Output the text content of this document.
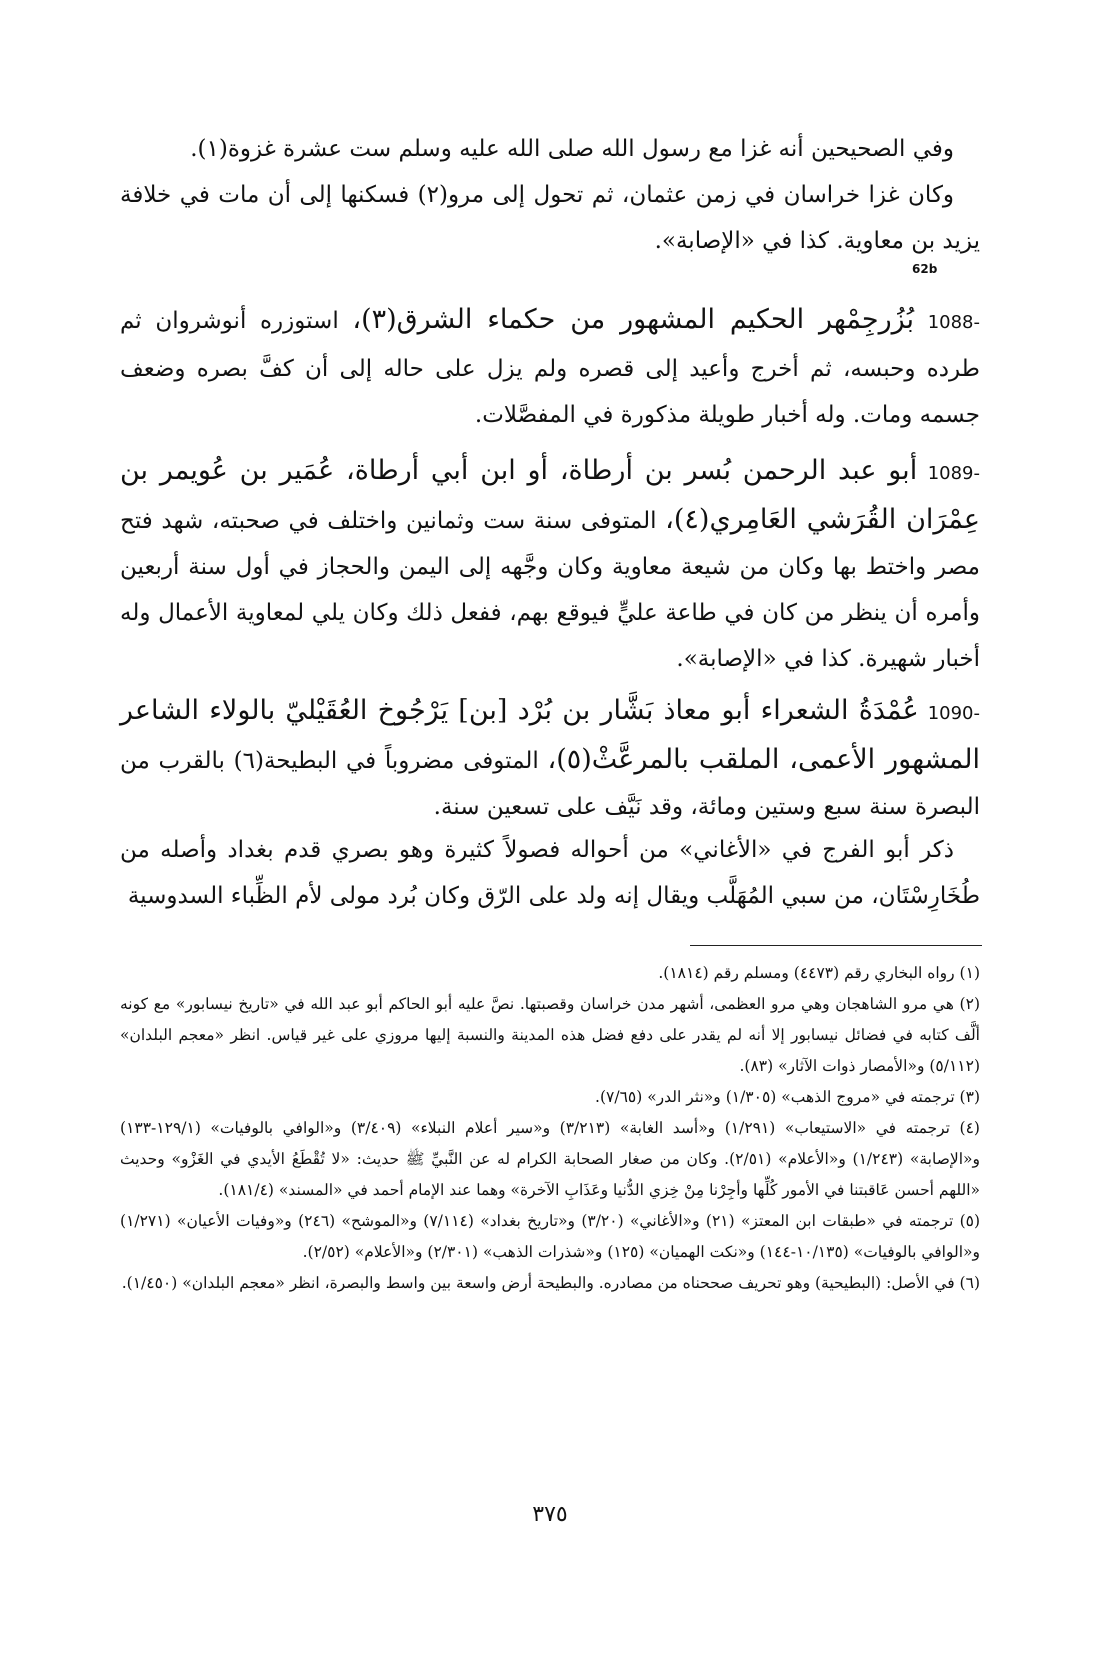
وفي الصحيحين أنه غزا مع رسول الله صلى الله عليه وسلم ست عشرة غزوة(١).
وكان غزا خراسان في زمن عثمان، ثم تحول إلى مرو(٢) فسكنها إلى أن مات في خلافة يزيد بن معاوية. كذا في «الإصابة».
62b
1088- بُزُرجِمْهر الحكيم المشهور من حكماء الشرق(٣)، استوزره أنوشروان ثم طرده وحبسه، ثم أخرج وأعيد إلى قصره ولم يزل على حاله إلى أن كفَّ بصره وضعف جسمه ومات. وله أخبار طويلة مذكورة في المفصَّلات.
1089- أبو عبد الرحمن بُسر بن أرطاة، أو ابن أبي أرطاة، عُمَير بن عُويمر بن عِمْرَان القُرَشي العَامِري(٤)، المتوفى سنة ست وثمانين واختلف في صحبته، شهد فتح مصر واختط بها وكان من شيعة معاوية وكان وجَّهه إلى اليمن والحجاز في أول سنة أربعين وأمره أن ينظر من كان في طاعة عليٍّ فيوقع بهم، ففعل ذلك وكان يلي لمعاوية الأعمال وله أخبار شهيرة. كذا في «الإصابة».
1090- عُمْدَةُ الشعراء أبو معاذ بَشَّار بن بُرْد [بن] يَرْجُوخ العُقَيْليّ بالولاء الشاعر المشهور الأعمى، الملقب بالمرعَّثْ(٥)، المتوفى مضروباً في البطيحة(٦) بالقرب من البصرة سنة سبع وستين ومائة، وقد نَيَّف على تسعين سنة.
ذكر أبو الفرج في «الأغاني» من أحواله فصولاً كثيرة وهو بصري قدم بغداد وأصله من طُخَارِسْتَان، من سبي المُهَلَّب ويقال إنه ولد على الرّق وكان بُرد مولى لأم الظِّباء السدوسية

(١) رواه البخاري رقم (٤٤٧٣) ومسلم رقم (١٨١٤).

(٢) هي مرو الشاهجان وهي مرو العظمى، أشهر مدن خراسان وقصبتها. نصَّ عليه أبو الحاكم أبو عبد الله في «تاريخ نيسابور» مع كونه ألَّف كتابه في فضائل نيسابور إلا أنه لم يقدر على دفع فضل هذه المدينة والنسبة إليها مروزي على غير قياس. انظر «معجم البلدان» (٥/١١٢) و«الأمصار ذوات الآثار» (٨٣).

(٣) ترجمته في «مروج الذهب» (١/٣٠٥) و«نثر الدر» (٧/٦٥).

(٤) ترجمته في «الاستيعاب» (١/٢٩١) و«أسد الغابة» (٣/٢١٣) و«سير أعلام النبلاء» (٣/٤٠٩) و«الوافي بالوفيات» (١٢٩/١-١٣٣) و«الإصابة» (١/٢٤٣) و«الأعلام» (٢/٥١). وكان من صغار الصحابة الكرام له عن النَّبيِّ ﷺ حديث: «لا تُقْطَعُ الأيدي في الغَزْو» وحديث «اللهم أحسن عَاقبتنا في الأمور كُلِّها وأجِرْنا مِنْ خِزي الدُّنيا وعَذَابِ الآخرة» وهما عند الإمام أحمد في «المسند» (١٨١/٤).

(٥) ترجمته في «طبقات ابن المعتز» (٢١) و«الأغاني» (٣/٢٠) و«تاريخ بغداد» (٧/١١٤) و«الموشح» (٢٤٦) و«وفيات الأعيان» (١/٢٧١) و«الوافي بالوفيات» (١٠/١٣٥-١٤٤) و«نكت الهميان» (١٢٥) و«شذرات الذهب» (٢/٣٠١) و«الأعلام» (٢/٥٢).

(٦) في الأصل: (البطيحية) وهو تحريف صححناه من مصادره. والبطيحة أرض واسعة بين واسط والبصرة، انظر «معجم البلدان» (١/٤٥٠).

٣٧٥
